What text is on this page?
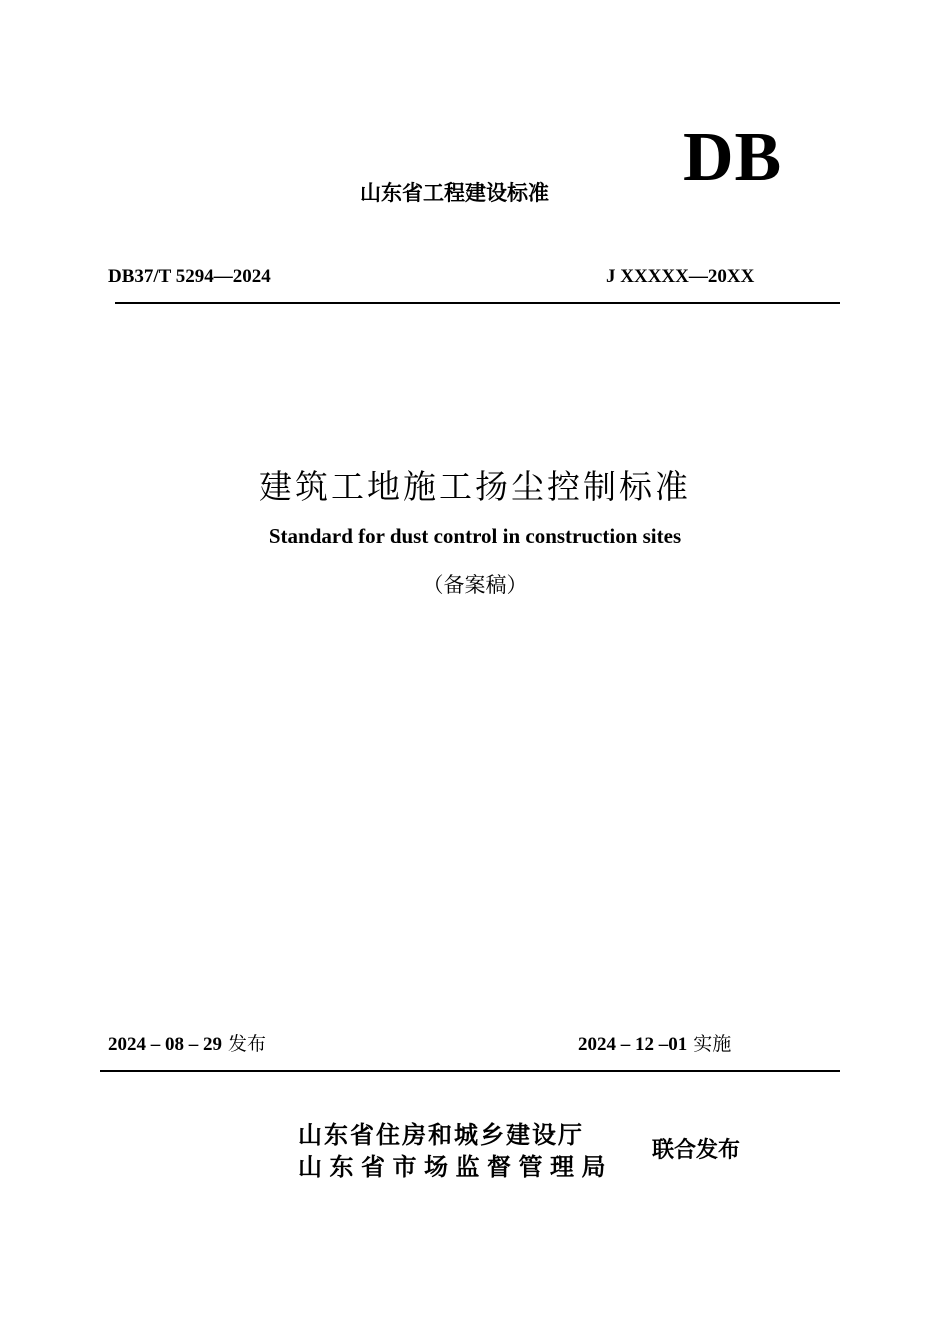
DB
山东省工程建设标准
DB37/T 5294—2024	J XXXXX—20XX
建筑工地施工扬尘控制标准
Standard for dust control in construction sites
（备案稿）
2024 – 08 – 29 发布	2024 – 12 –01 实施
山东省住房和城乡建设厅
山东省市场监督管理局
联合发布
